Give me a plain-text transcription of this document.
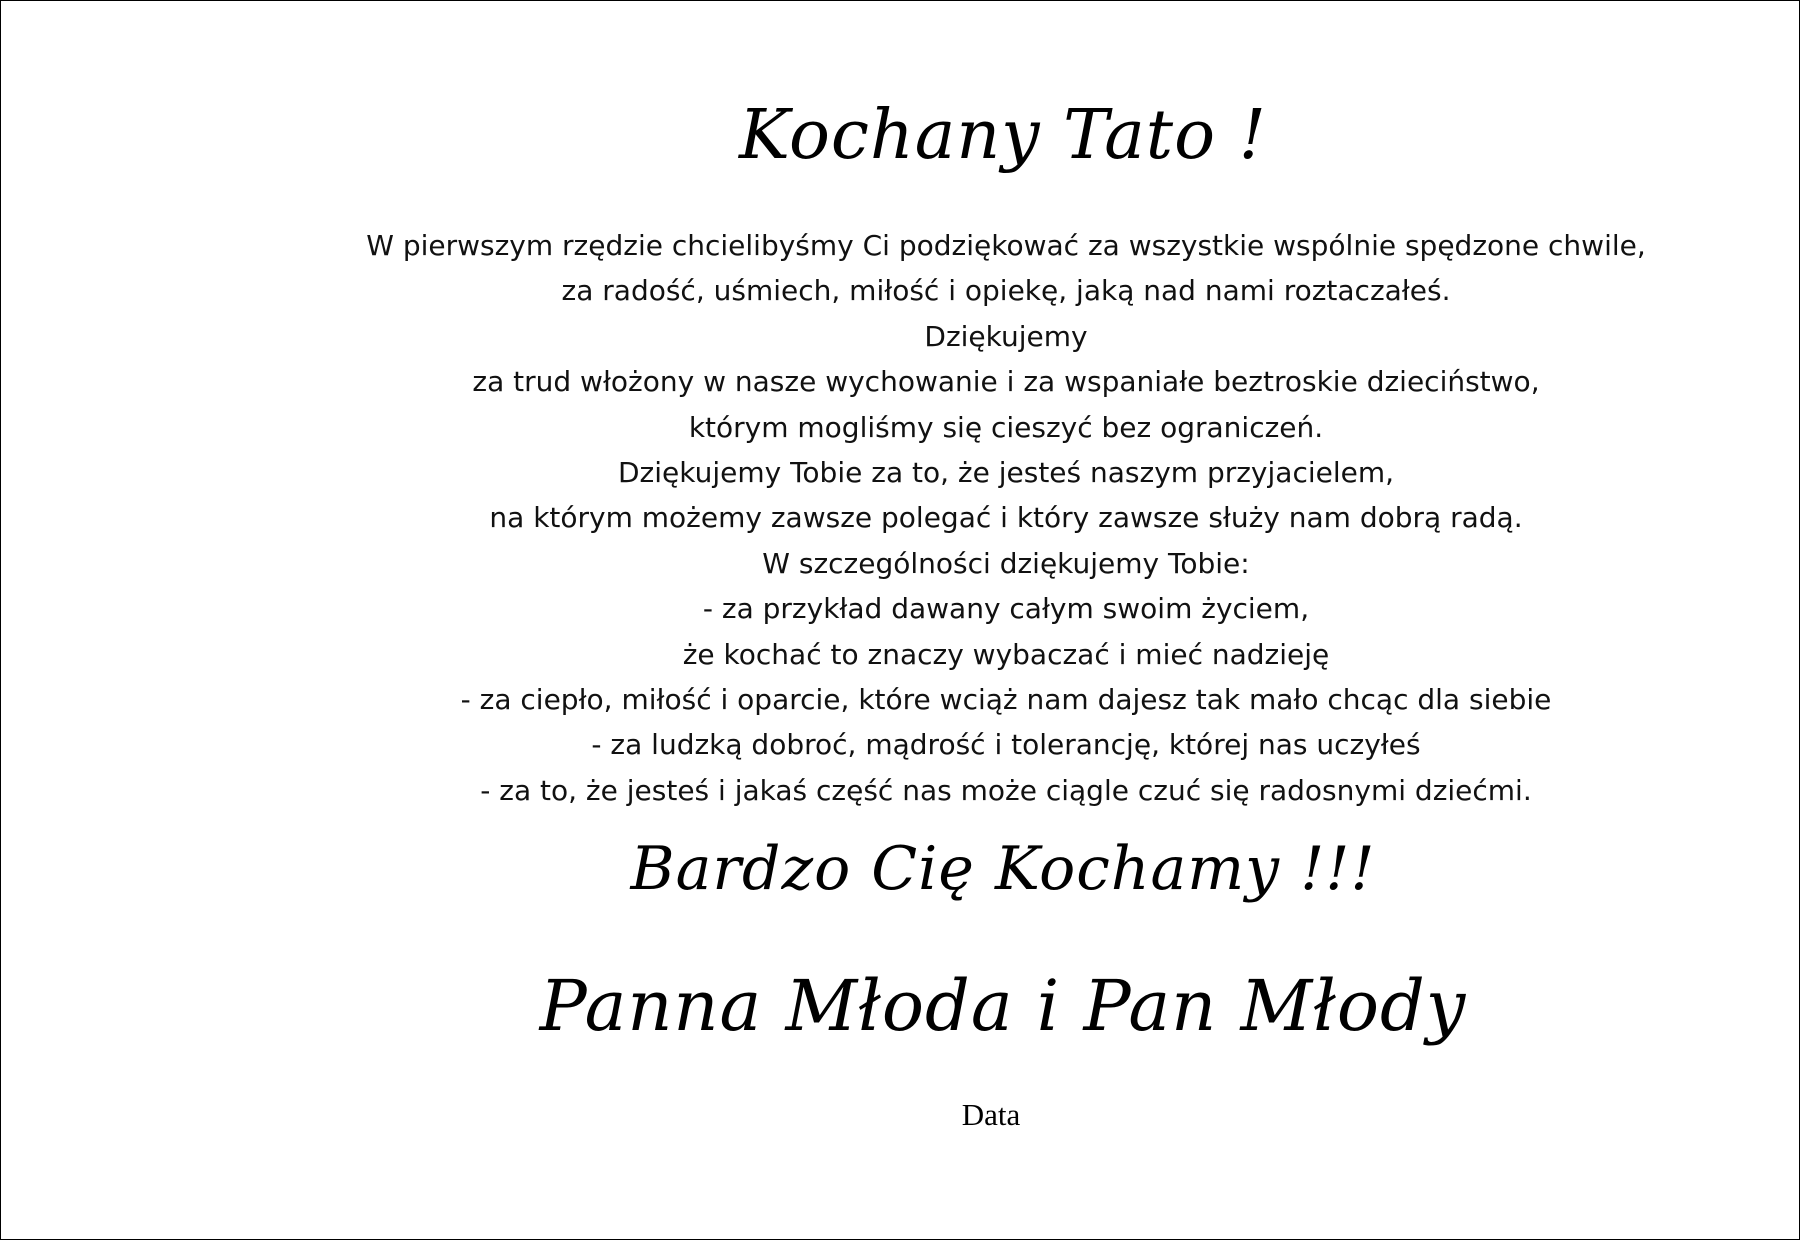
Kochany Tato !
W pierwszym rzędzie chcielibyśmy Ci podziękować za wszystkie wspólnie spędzone chwile,
za radość, uśmiech, miłość i opiekę, jaką nad nami roztaczałeś.
Dziękujemy
za trud włożony w nasze wychowanie i za wspaniałe beztroskie dzieciństwo,
którym mogliśmy się cieszyć bez ograniczeń.
Dziękujemy Tobie za to, że jesteś naszym przyjacielem,
na którym możemy zawsze polegać i który zawsze służy nam dobrą radą.
W szczególności dziękujemy Tobie:
- za przykład dawany całym swoim życiem,
że kochać to znaczy wybaczać i mieć nadzieję
- za ciepło, miłość i oparcie, które wciąż nam dajesz tak mało chcąc dla siebie
- za ludzką dobroć, mądrość i tolerancję, której nas uczyłeś
- za to, że jesteś i jakaś część nas może ciągle czuć się radosnymi dziećmi.
Bardzo Cię Kochamy !!!
Panna Młoda i Pan Młody
Data
